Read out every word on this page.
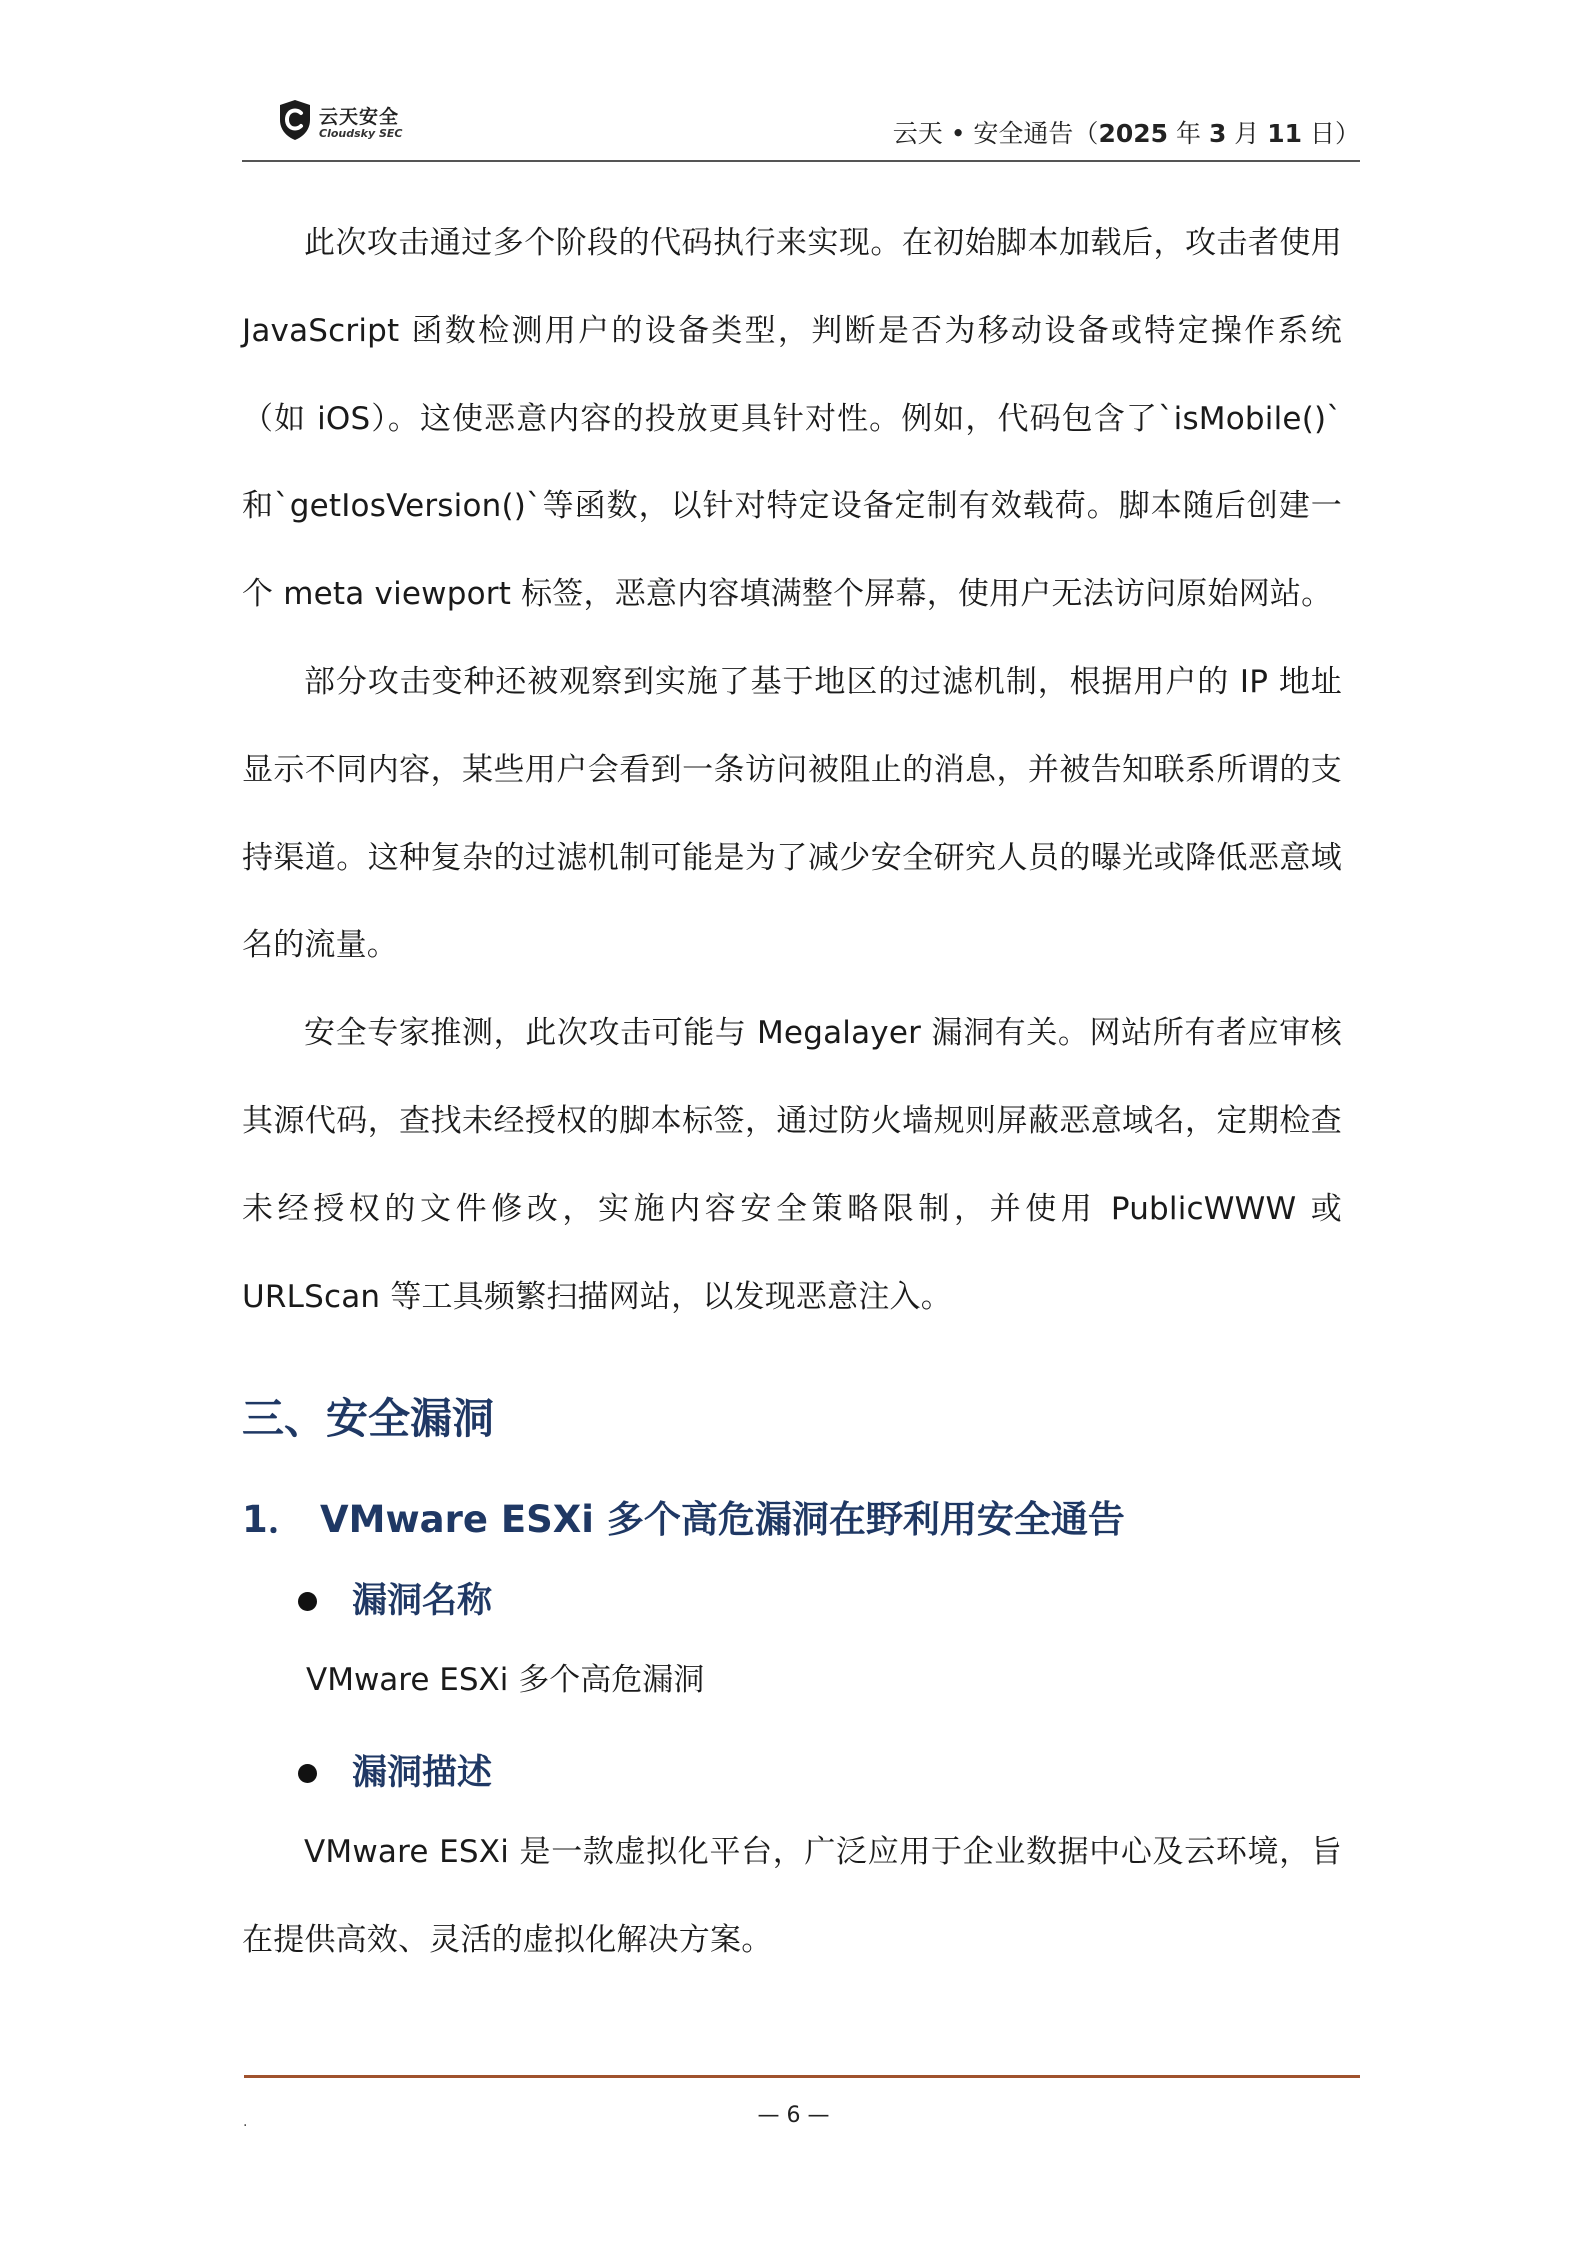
云天安全
Cloudsky SEC	云天 • 安全通告（2025 年 3 月 11 日）

此次攻击通过多个阶段的代码执行来实现。在初始脚本加载后，攻击者使用 JavaScript 函数检测用户的设备类型，判断是否为移动设备或特定操作系统（如 iOS）。这使恶意内容的投放更具针对性。例如，代码包含了`isMobile()`和`getIosVersion()`等函数，以针对特定设备定制有效载荷。脚本随后创建一个 meta viewport 标签，恶意内容填满整个屏幕，使用户无法访问原始网站。

部分攻击变种还被观察到实施了基于地区的过滤机制，根据用户的 IP 地址显示不同内容，某些用户会看到一条访问被阻止的消息，并被告知联系所谓的支持渠道。这种复杂的过滤机制可能是为了减少安全研究人员的曝光或降低恶意域名的流量。

安全专家推测，此次攻击可能与 Megalayer 漏洞有关。网站所有者应审核其源代码，查找未经授权的脚本标签，通过防火墙规则屏蔽恶意域名，定期检查未经授权的文件修改，实施内容安全策略限制，并使用 PublicWWW 或 URLScan 等工具频繁扫描网站，以发现恶意注入。

三、安全漏洞
1． VMware ESXi 多个高危漏洞在野利用安全通告
漏洞名称

VMware ESXi 多个高危漏洞

漏洞描述

VMware ESXi 是一款虚拟化平台，广泛应用于企业数据中心及云环境，旨在提供高效、灵活的虚拟化解决方案。

.	— 6 —
